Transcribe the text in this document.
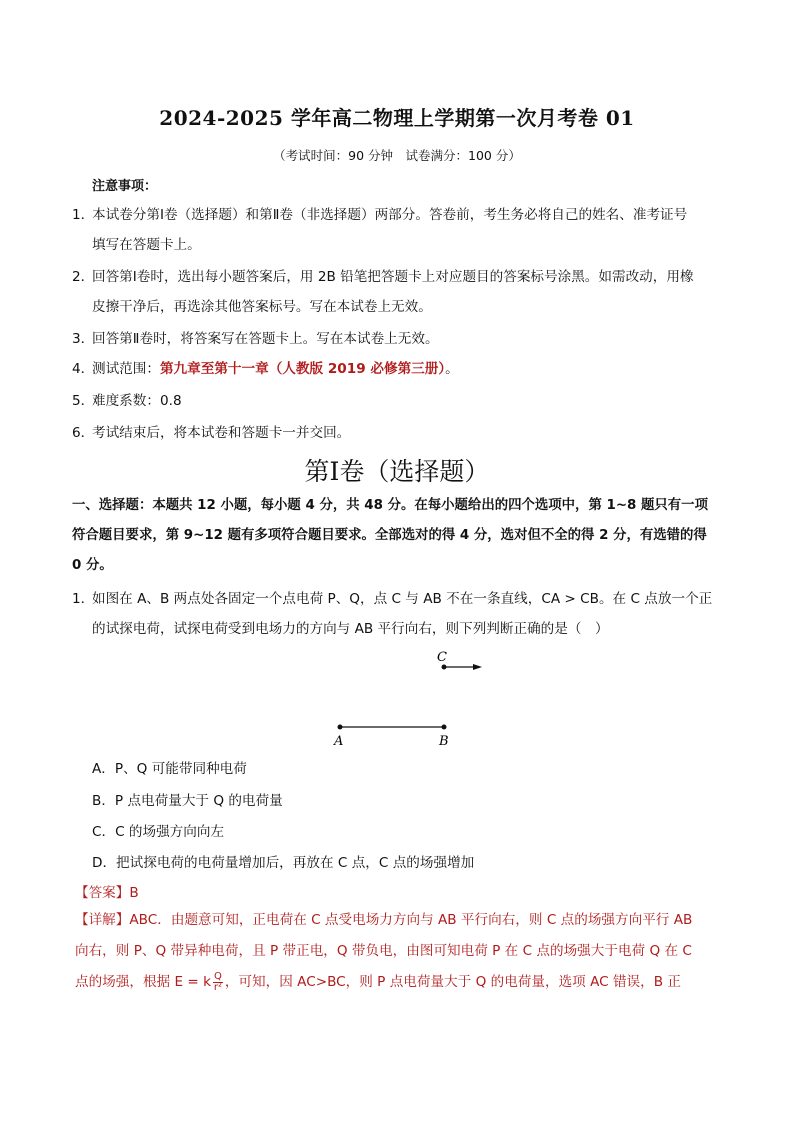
2024-2025 学年高二物理上学期第一次月考卷 01
（考试时间：90 分钟　试卷满分：100 分）
注意事项：
1．本试卷分第Ⅰ卷（选择题）和第Ⅱ卷（非选择题）两部分。答卷前，考生务必将自己的姓名、准考证号
填写在答题卡上。
2．回答第Ⅰ卷时，选出每小题答案后，用 2B 铅笔把答题卡上对应题目的答案标号涂黑。如需改动，用橡
皮擦干净后，再选涂其他答案标号。写在本试卷上无效。
3．回答第Ⅱ卷时，将答案写在答题卡上。写在本试卷上无效。
4．测试范围：第九章至第十一章（人教版 2019 必修第三册）。
5．难度系数：0.8
6．考试结束后，将本试卷和答题卡一并交回。
第Ⅰ卷（选择题）
一、选择题：本题共 12 小题，每小题 4 分，共 48 分。在每小题给出的四个选项中，第 1~8 题只有一项
符合题目要求，第 9~12 题有多项符合题目要求。全部选对的得 4 分，选对但不全的得 2 分，有选错的得
0 分。
1．如图在 A、B 两点处各固定一个点电荷 P、Q，点 C 与 AB 不在一条直线，CA > CB。在 C 点放一个正
的试探电荷，试探电荷受到电场力的方向与 AB 平行向右，则下列判断正确的是（　）
C
A	B
A．P、Q 可能带同种电荷
B．P 点电荷量大于 Q 的电荷量
C．C 的场强方向向左
D．把试探电荷的电荷量增加后，再放在 C 点，C 点的场强增加
【答案】B
【详解】ABC．由题意可知，正电荷在 C 点受电场力方向与 AB 平行向右，则 C 点的场强方向平行 AB
向右，则 P、Q 带异种电荷，且 P 带正电，Q 带负电，由图可知电荷 P 在 C 点的场强大于电荷 Q 在 C
点的场强，根据 E = k $\frac{Q}{\text{r²}}$ ，可知，因 AC>BC，则 P 点电荷量大于 Q 的电荷量，选项 AC 错误，B 正
